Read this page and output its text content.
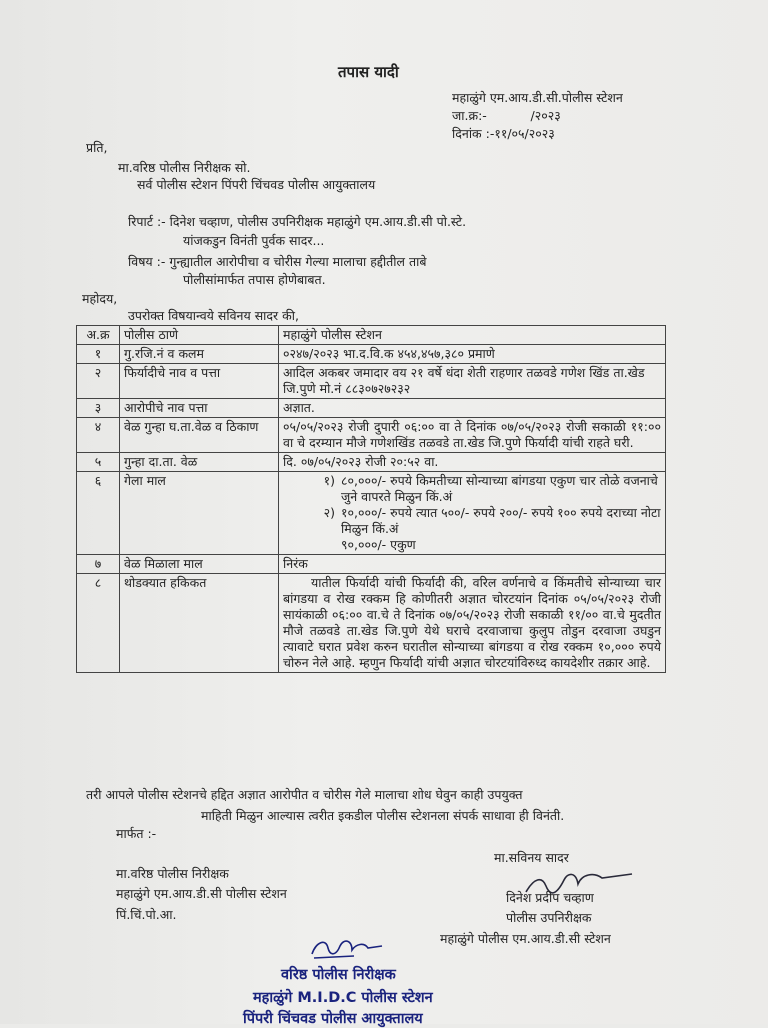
तपास यादी
महाळुंगे एम.आय.डी.सी.पोलीस स्टेशन
जा.क्र:-           /२०२३
दिनांक :-११/०५/२०२३
प्रति,
मा.वरिष्ठ पोलीस निरीक्षक सो.
सर्व पोलीस स्टेशन पिंपरी चिंचवड पोलीस आयुक्तालय
रिपार्ट :- दिनेश चव्हाण, पोलीस उपनिरीक्षक महाळुंगे एम.आय.डी.सी पो.स्टे.
यांजकडुन विनंती पुर्वक सादर...
विषय :- गुन्ह्यातील आरोपीचा व चोरीस गेल्या मालाचा हद्दीतील ताबे
पोलीसांमार्फत तपास होणेबाबत.
महोदय,
उपरोक्त विषयान्वये सविनय सादर की,
अ.क्र	पोलीस ठाणे	महाळुंगे पोलीस स्टेशन
१	गु.रजि.नं व कलम	०२४७/२०२३ भा.द.वि.क ४५४,४५७,३८० प्रमाणे
२	फिर्यादीचे नाव व पत्ता	आदिल अकबर जमादार वय २१ वर्षे धंदा शेती राहणार तळवडे गणेश खिंड ता.खेड जि.पुणे मो.नं ८८३०७२७२३२
३	आरोपीचे नाव पत्ता	अज्ञात.
४	वेळ गुन्हा घ.ता.वेळ व ठिकाण	०५/०५/२०२३ रोजी दुपारी ०६:०० वा ते दिनांक ०७/०५/२०२३ रोजी सकाळी ११:०० वा चे दरम्यान मौजे गणेशखिंड तळवडे ता.खेड जि.पुणे फिर्यादी यांची राहते घरी.
५	गुन्हा दा.ता. वेळ	दि. ०७/०५/२०२३ रोजी २०:५२ वा.
६	गेला माल	१) ८०,०००/- रुपये किमतीच्या सोन्याच्या बांगडया एकुण चार तोळे वजनाचे जुने वापरते मिळुन किं.अं
२) १०,०००/- रुपये त्यात ५००/- रुपये २००/- रुपये १०० रुपये दराच्या नोटा मिळुन किं.अं
९०,०००/- एकुण

७	वेळ मिळाला माल	निरंक
८	थोडक्यात हकिकत	यातील फिर्यादी यांची फिर्यादी की, वरिल वर्णनाचे व किंमतीचे सोन्याच्या चार बांगडया व रोख रक्कम हि कोणीतरी अज्ञात चोरटयांन दिनांक ०५/०५/२०२३ रोजी सायंकाळी ०६:०० वा.चे ते दिनांक ०७/०५/२०२३ रोजी सकाळी ११/०० वा.चे मुदतीत मौजे तळवडे ता.खेड जि.पुणे येथे घराचे दरवाजाचा कुलुप तोडुन दरवाजा उघडुन त्यावाटे घरात प्रवेश करुन घरातील सोन्याच्या बांगडया व रोख रक्कम १०,००० रुपये चोरुन नेले आहे. म्हणुन फिर्यादी यांची अज्ञात चोरटयांविरुध्द कायदेशीर तक्रार आहे.
तरी आपले पोलीस स्टेशनचे हद्दित अज्ञात आरोपीत व चोरीस गेले मालाचा शोध घेवुन काही उपयुक्त
माहिती मिळुन आल्यास त्वरीत इकडील पोलीस स्टेशनला संपर्क साधावा ही विनंती.
मार्फत :-
मा.वरिष्ठ पोलीस निरीक्षक
महाळुंगे एम.आय.डी.सी पोलीस स्टेशन
पिं.चिं.पो.आ.
मा.सविनय सादर
दिनेश प्रदीप चव्हाण
पोलीस उपनिरीक्षक
महाळुंगे पोलीस एम.आय.डी.सी स्टेशन
वरिष्ठ पोलीस निरीक्षक
महाळुंगे M.I.D.C पोलीस स्टेशन
पिंपरी चिंचवड पोलीस आयुक्तालय
